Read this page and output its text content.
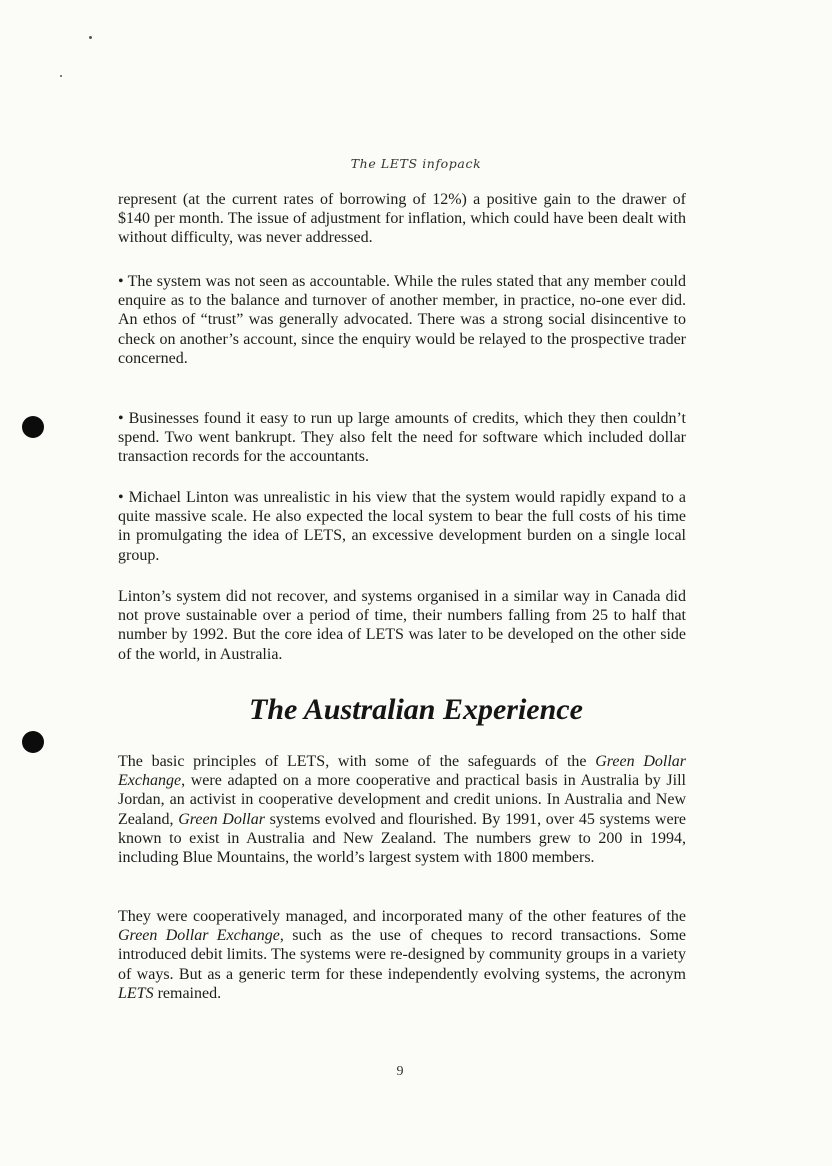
The LETS infopack

represent (at the current rates of borrowing of 12%) a positive gain to the drawer of $140 per month. The issue of adjustment for inflation, which could have been dealt with without difficulty, was never addressed.

• The system was not seen as accountable. While the rules stated that any member could enquire as to the balance and turnover of another member, in practice, no-one ever did. An ethos of “trust” was generally advocated. There was a strong social disincentive to check on another’s account, since the enquiry would be relayed to the prospective trader concerned.

• Businesses found it easy to run up large amounts of credits, which they then couldn’t spend. Two went bankrupt. They also felt the need for software which included dollar transaction records for the accountants.

• Michael Linton was unrealistic in his view that the system would rapidly expand to a quite massive scale. He also expected the local system to bear the full costs of his time in promulgating the idea of LETS, an excessive development burden on a single local group.

Linton’s system did not recover, and systems organised in a similar way in Canada did not prove sustainable over a period of time, their numbers falling from 25 to half that number by 1992. But the core idea of LETS was later to be developed on the other side of the world, in Australia.

The Australian Experience

The basic principles of LETS, with some of the safeguards of the Green Dollar Exchange, were adapted on a more cooperative and practical basis in Australia by Jill Jordan, an activist in cooperative development and credit unions. In Australia and New Zealand, Green Dollar systems evolved and flourished. By 1991, over 45 systems were known to exist in Australia and New Zealand. The numbers grew to 200 in 1994, including Blue Mountains, the world’s largest system with 1800 members.

They were cooperatively managed, and incorporated many of the other features of the Green Dollar Exchange, such as the use of cheques to record transactions. Some introduced debit limits. The systems were re-designed by community groups in a variety of ways. But as a generic term for these independently evolving systems, the acronym LETS remained.

9
